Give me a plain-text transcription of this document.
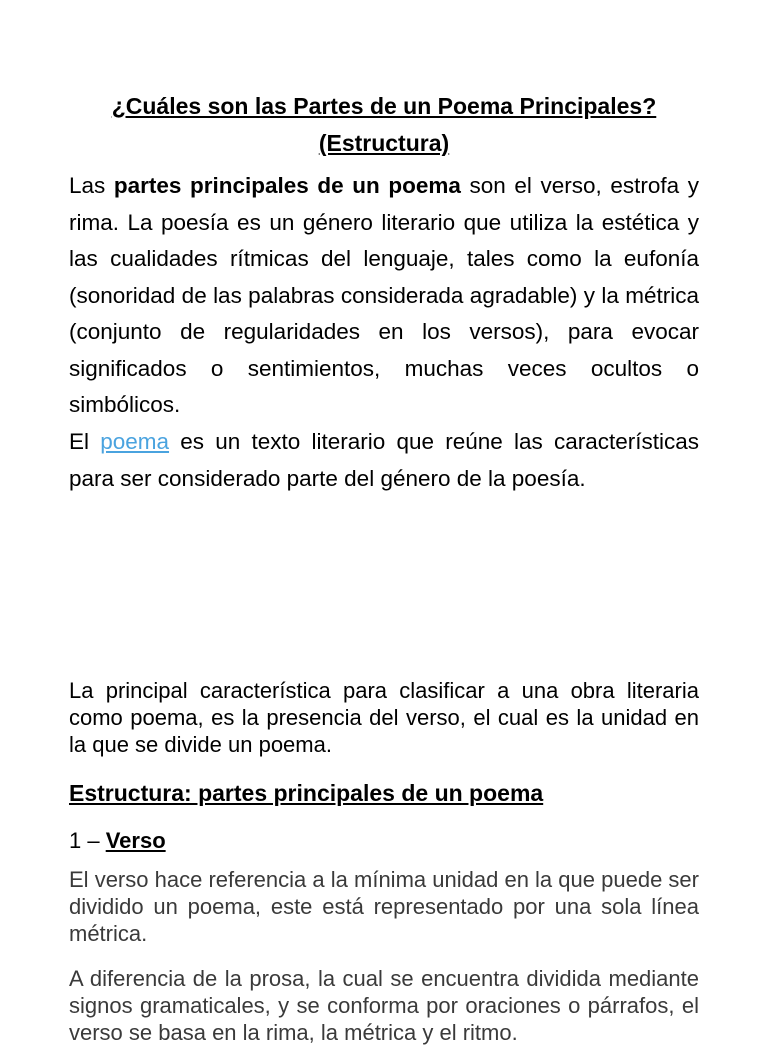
¿Cuáles son las Partes de un Poema Principales?
(Estructura)

Las partes principales de un poema son el verso, estrofa y rima. La poesía es un género literario que utiliza la estética y las cualidades rítmicas del lenguaje, tales como la eufonía (sonoridad de las palabras considerada agradable) y la métrica (conjunto de regularidades en los versos), para evocar significados o sentimientos, muchas veces ocultos o simbólicos.

El poema es un texto literario que reúne las características para ser considerado parte del género de la poesía.

La principal característica para clasificar a una obra literaria como poema, es la presencia del verso, el cual es la unidad en la que se divide un poema.

Estructura: partes principales de un poema

1 – Verso

El verso hace referencia a la mínima unidad en la que puede ser dividido un poema, este está representado por una sola línea métrica.

A diferencia de la prosa, la cual se encuentra dividida mediante signos gramaticales, y se conforma por oraciones o párrafos, el verso se basa en la rima, la métrica y el ritmo.
